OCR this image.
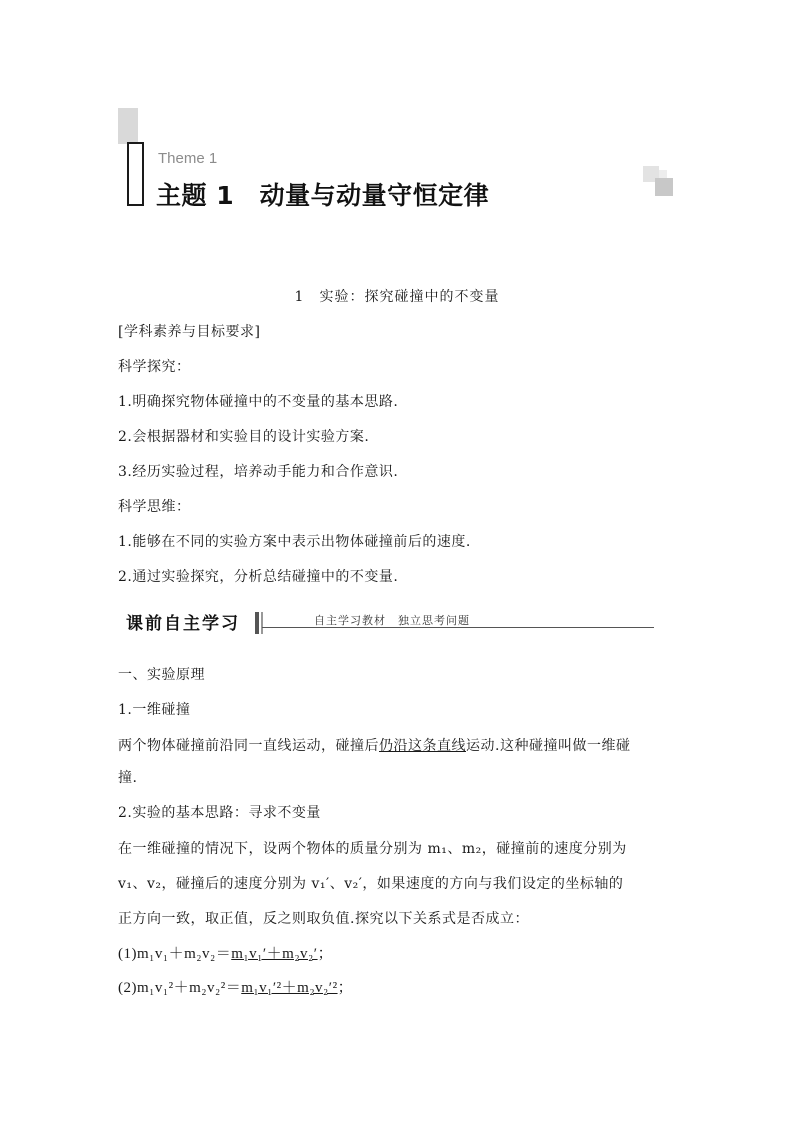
Theme 1
主题 1　动量与动量守恒定律
1　实验：探究碰撞中的不变量
[学科素养与目标要求]
科学探究：
1.明确探究物体碰撞中的不变量的基本思路.
2.会根据器材和实验目的设计实验方案.
3.经历实验过程，培养动手能力和合作意识.
科学思维：
1.能够在不同的实验方案中表示出物体碰撞前后的速度.
2.通过实验探究，分析总结碰撞中的不变量.
课前自主学习	自主学习教材　独立思考问题
一、实验原理
1.一维碰撞
两个物体碰撞前沿同一直线运动，碰撞后仍沿这条直线运动.这种碰撞叫做一维碰
撞.
2.实验的基本思路：寻求不变量
在一维碰撞的情况下，设两个物体的质量分别为 m₁、m₂，碰撞前的速度分别为
v₁、v₂，碰撞后的速度分别为 v₁′、v₂′，如果速度的方向与我们设定的坐标轴的
正方向一致，取正值，反之则取负值.探究以下关系式是否成立：
(1)m₁v₁＋m₂v₂＝m₁v₁′＋m₂v₂′；
(2)m₁v₁²＋m₂v₂²＝m₁v₁′²＋m₂v₂′²；
